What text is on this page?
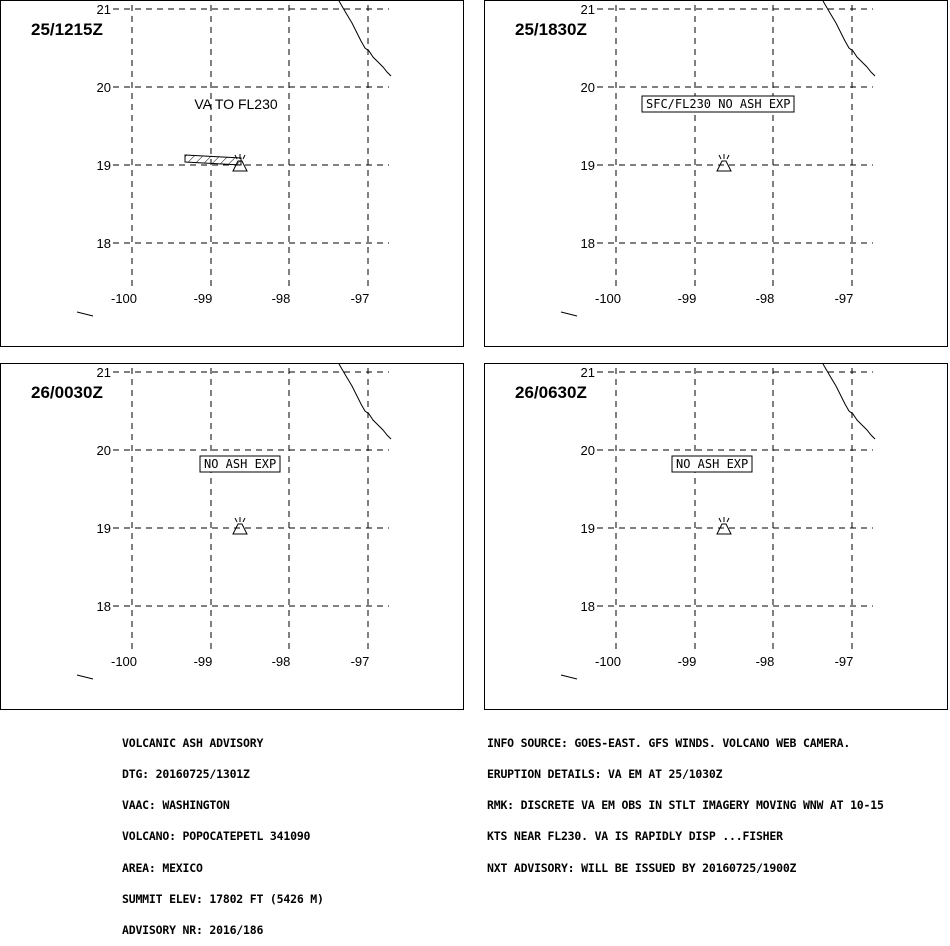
21
20
19
18
-100	-99	-98	-97
25/1215Z
VA TO FL230
21
20
19
18
-100	-99	-98	-97
25/1830Z
SFC/FL230 NO ASH EXP
21
20
19
18
-100	-99	-98	-97
26/0030Z
NO ASH EXP
21
20
19
18
-100	-99	-98	-97
26/0630Z
NO ASH EXP

VOLCANIC ASH ADVISORY

DTG: 20160725/1301Z

VAAC: WASHINGTON

VOLCANO: POPOCATEPETL 341090

AREA: MEXICO

SUMMIT ELEV: 17802 FT (5426 M)

ADVISORY NR: 2016/186

INFO SOURCE: GOES-EAST. GFS WINDS. VOLCANO WEB CAMERA.

ERUPTION DETAILS: VA EM AT 25/1030Z

RMK: DISCRETE VA EM OBS IN STLT IMAGERY MOVING WNW AT 10-15

KTS NEAR FL230. VA IS RAPIDLY DISP ...FISHER

NXT ADVISORY: WILL BE ISSUED BY 20160725/1900Z
